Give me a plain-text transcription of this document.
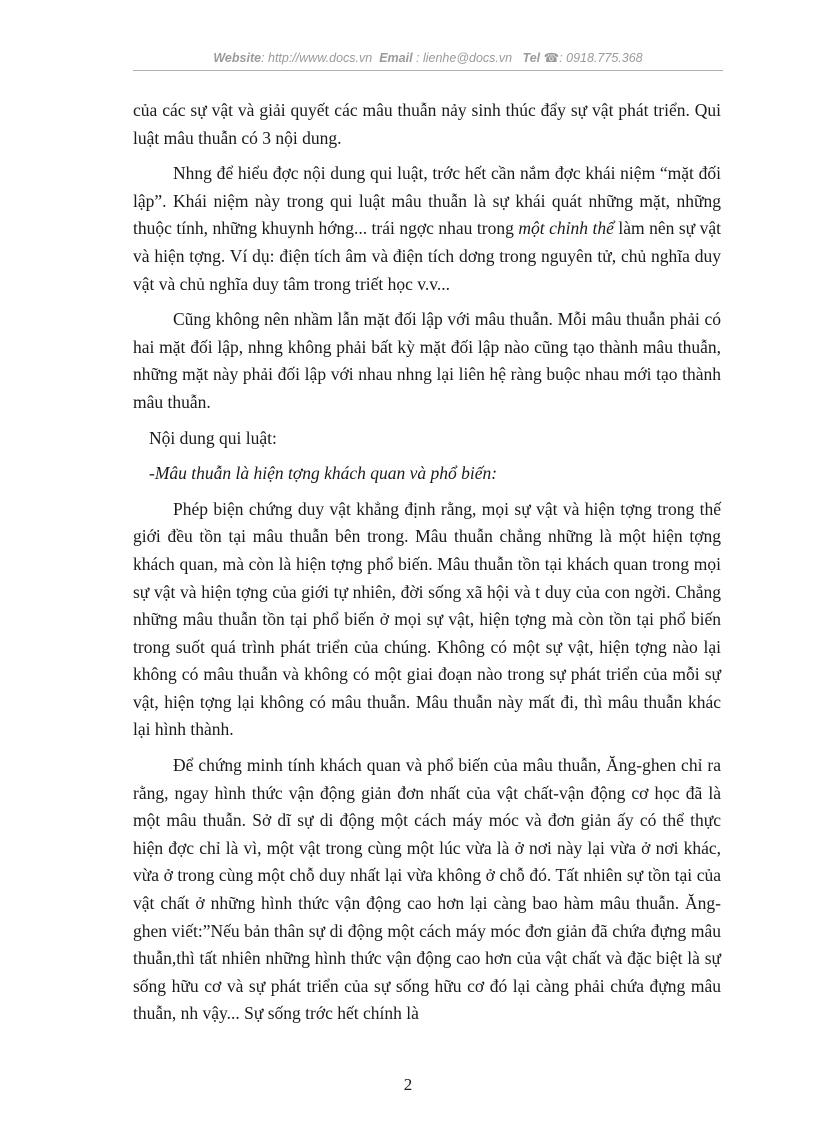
Website: http://www.docs.vn Email : lienhe@docs.vn Tel ☎: 0918.775.368

của các sự vật và giải quyết các mâu thuẫn nảy sinh thúc đẩy sự vật phát triển. Qui luật mâu thuẫn có 3 nội dung.

Nhng để hiểu đợc nội dung qui luật, trớc hết cần nắm đợc khái niệm “mặt đối lập”. Khái niệm này trong qui luật mâu thuẫn là sự khái quát những mặt, những thuộc tính, những khuynh hớng... trái ngợc nhau trong một chỉnh thể làm nên sự vật và hiện tợng. Ví dụ: điện tích âm và điện tích dơng trong nguyên tử, chủ nghĩa duy vật và chủ nghĩa duy tâm trong triết học v.v...

Cũng không nên nhầm lẫn mặt đối lập với mâu thuẫn. Mỗi mâu thuẫn phải có hai mặt đối lập, nhng không phải bất kỳ mặt đối lập nào cũng tạo thành mâu thuẫn, những mặt này phải đối lập với nhau nhng lại liên hệ ràng buộc nhau mới tạo thành mâu thuẫn.

Nội dung qui luật:

-Mâu thuẫn là hiện tợng khách quan và phổ biến:

Phép biện chứng duy vật khẳng định rằng, mọi sự vật và hiện tợng trong thế giới đều tồn tại mâu thuẫn bên trong. Mâu thuẫn chẳng những là một hiện tợng khách quan, mà còn là hiện tợng phổ biến. Mâu thuẫn tồn tại khách quan trong mọi sự vật và hiện tợng của giới tự nhiên, đời sống xã hội và t duy của con ngời. Chẳng những mâu thuẫn tồn tại phổ biến ở mọi sự vật, hiện tợng mà còn tồn tại phổ biến trong suốt quá trình phát triển của chúng. Không có một sự vật, hiện tợng nào lại không có mâu thuẫn và không có một giai đoạn nào trong sự phát triển của mỗi sự vật, hiện tợng lại không có mâu thuẫn. Mâu thuẫn này mất đi, thì mâu thuẫn khác lại hình thành.

Để chứng minh tính khách quan và phổ biến của mâu thuẫn, Ăng-ghen chỉ ra rằng, ngay hình thức vận động giản đơn nhất của vật chất-vận động cơ học đã là một mâu thuẫn. Sở dĩ sự di động một cách máy móc và đơn giản ấy có thể thực hiện đợc chỉ là vì, một vật trong cùng một lúc vừa là ở nơi này lại vừa ở nơi khác, vừa ở trong cùng một chỗ duy nhất lại vừa không ở chỗ đó. Tất nhiên sự tồn tại của vật chất ở những hình thức vận động cao hơn lại càng bao hàm mâu thuẫn. Ăng-ghen viết:”Nếu bản thân sự di động một cách máy móc đơn giản đã chứa đựng mâu thuẫn,thì tất nhiên những hình thức vận động cao hơn của vật chất và đặc biệt là sự sống hữu cơ và sự phát triển của sự sống hữu cơ đó lại càng phải chứa đựng mâu thuẫn, nh vậy... Sự sống trớc hết chính là

2
